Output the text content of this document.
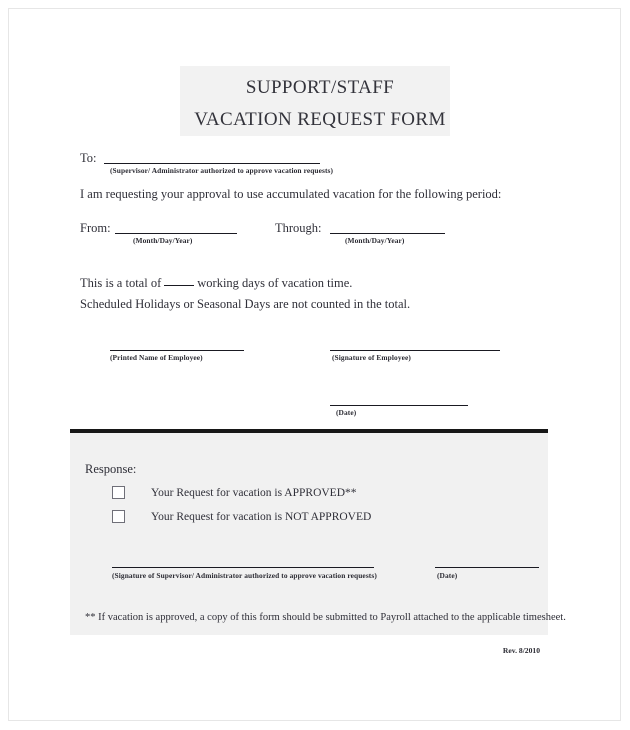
SUPPORT/STAFF
VACATION REQUEST FORM
To:
(Supervisor/ Administrator authorized to approve vacation requests)
I am requesting your approval to use accumulated vacation for the following period:
From:
(Month/Day/Year)
Through:
(Month/Day/Year)
This is a total of	working days of vacation time.
Scheduled Holidays or Seasonal Days are not counted in the total.
(Printed Name of Employee)	(Signature of Employee)
(Date)
Response:
Your Request for vacation is APPROVED**
Your Request for vacation is NOT APPROVED
(Signature of Supervisor/ Administrator authorized to approve vacation requests)	(Date)
** If vacation is approved, a copy of this form should be submitted to Payroll attached to the applicable timesheet.
Rev. 8/2010
